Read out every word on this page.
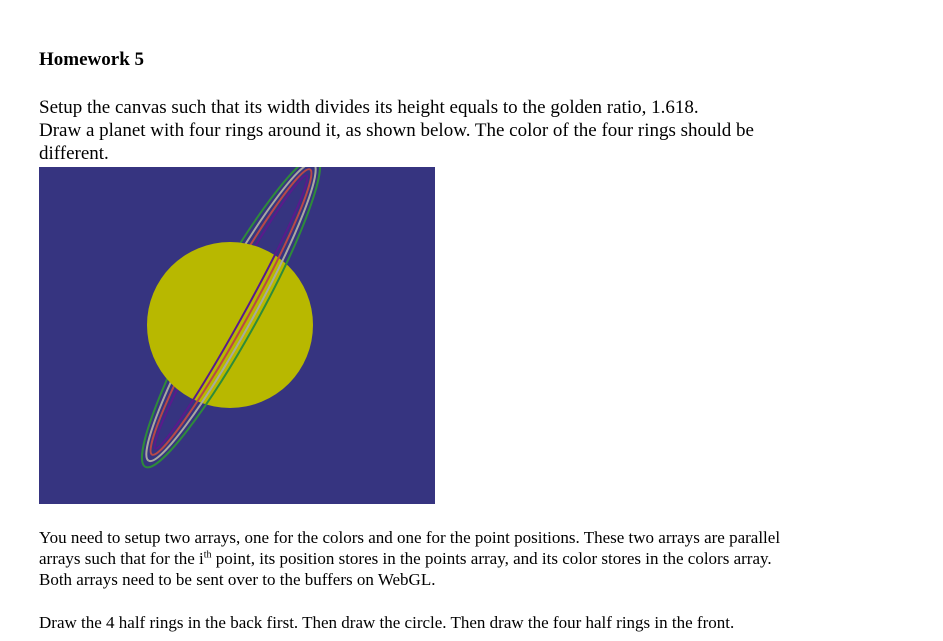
Homework 5
Setup the canvas such that its width divides its height equals to the golden ratio, 1.618.
Draw a planet with four rings around it, as shown below. The color of the four rings should be
different.
You need to setup two arrays, one for the colors and one for the point positions. These two arrays are parallel
arrays such that for the $i^{th}$ point, its position stores in the points array, and its color stores in the colors array.
Both arrays need to be sent over to the buffers on WebGL.
Draw the 4 half rings in the back first. Then draw the circle. Then draw the four half rings in the front.
